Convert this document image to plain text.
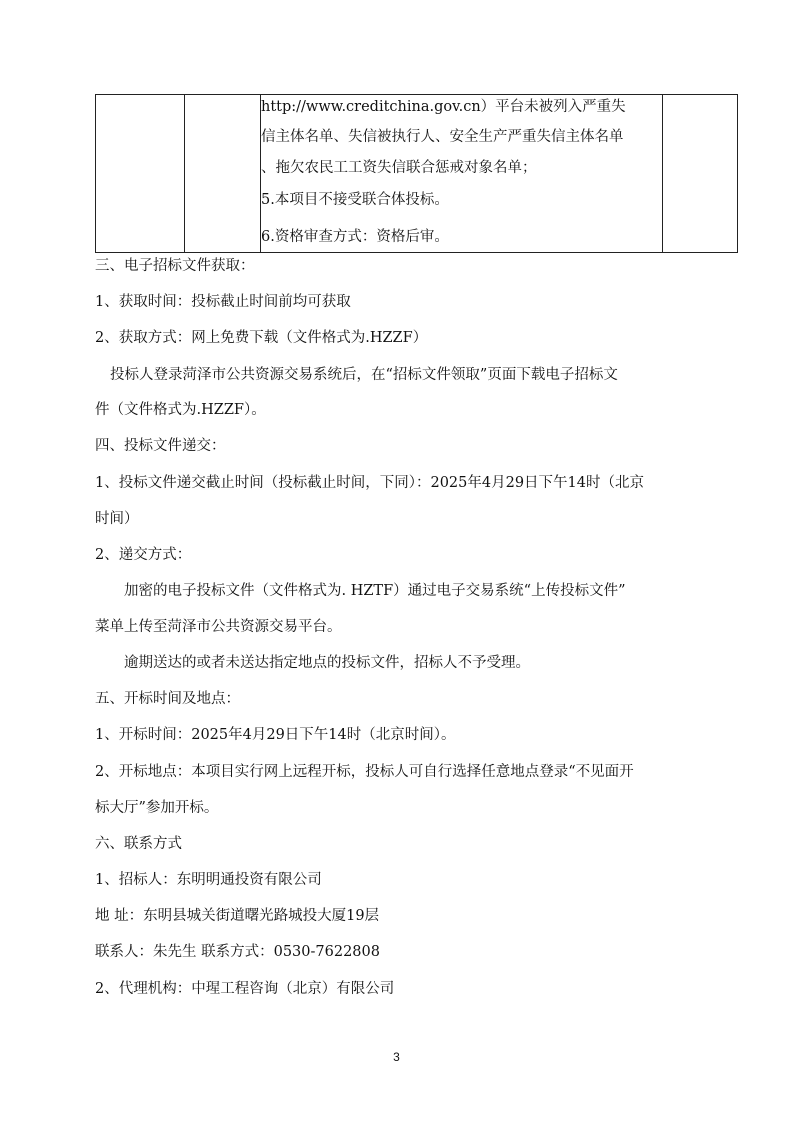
http://www.creditchina.gov.cn）平台未被列入严重失
信主体名单、失信被执行人、安全生产严重失信主体名单
、拖欠农民工工资失信联合惩戒对象名单；
5.本项目不接受联合体投标。
6.资格审查方式：资格后审。
三、电子招标文件获取：
1、获取时间：投标截止时间前均可获取
2、获取方式：网上免费下载（文件格式为.HZZF）
投标人登录菏泽市公共资源交易系统后，在“招标文件领取”页面下载电子招标文
件（文件格式为.HZZF）。
四、投标文件递交：
1、投标文件递交截止时间（投标截止时间，下同）：2025年4月29日下午14时（北京
时间）
2、递交方式：
加密的电子投标文件（文件格式为. HZTF）通过电子交易系统“上传投标文件”
菜单上传至菏泽市公共资源交易平台。
逾期送达的或者未送达指定地点的投标文件，招标人不予受理。
五、开标时间及地点：
1、开标时间：2025年4月29日下午14时（北京时间）。
2、开标地点：本项目实行网上远程开标，投标人可自行选择任意地点登录“不见面开
标大厅”参加开标。
六、联系方式
1、招标人：东明明通投资有限公司
地 址：东明县城关街道曙光路城投大厦19层
联系人：朱先生 联系方式：0530-7622808
2、代理机构：中瑆工程咨询（北京）有限公司
3
